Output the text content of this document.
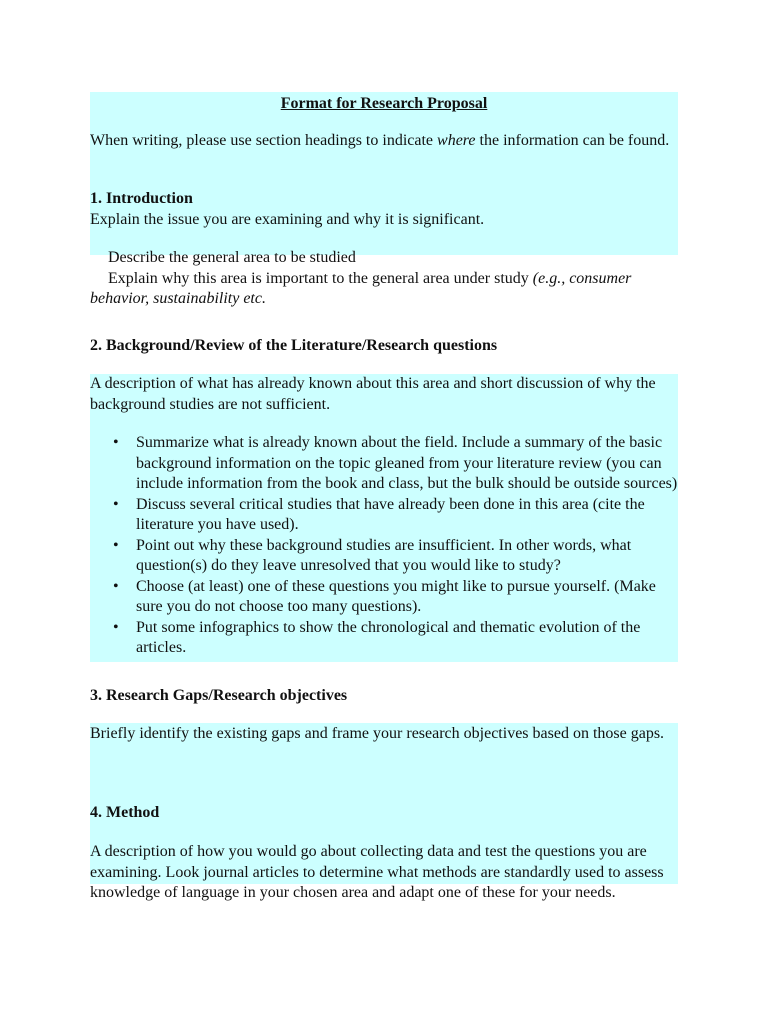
Format for Research Proposal
When writing, please use section headings to indicate where the information can be found.
1. Introduction
Explain the issue you are examining and why it is significant.
Describe the general area to be studied
Explain why this area is important to the general area under study (e.g., consumer
behavior, sustainability etc.
2. Background/Review of the Literature/Research questions
A description of what has already known about this area and short discussion of why the background studies are not sufficient.
• Summarize what is already known about the field. Include a summary of the basic background information on the topic gleaned from your literature review (you can include information from the book and class, but the bulk should be outside sources)
• Discuss several critical studies that have already been done in this area (cite the literature you have used).
• Point out why these background studies are insufficient. In other words, what question(s) do they leave unresolved that you would like to study?
• Choose (at least) one of these questions you might like to pursue yourself. (Make sure you do not choose too many questions).
• Put some infographics to show the chronological and thematic evolution of the articles.
3. Research Gaps/Research objectives
Briefly identify the existing gaps and frame your research objectives based on those gaps.
4. Method
A description of how you would go about collecting data and test the questions you are examining. Look journal articles to determine what methods are standardly used to assess knowledge of language in your chosen area and adapt one of these for your needs.
